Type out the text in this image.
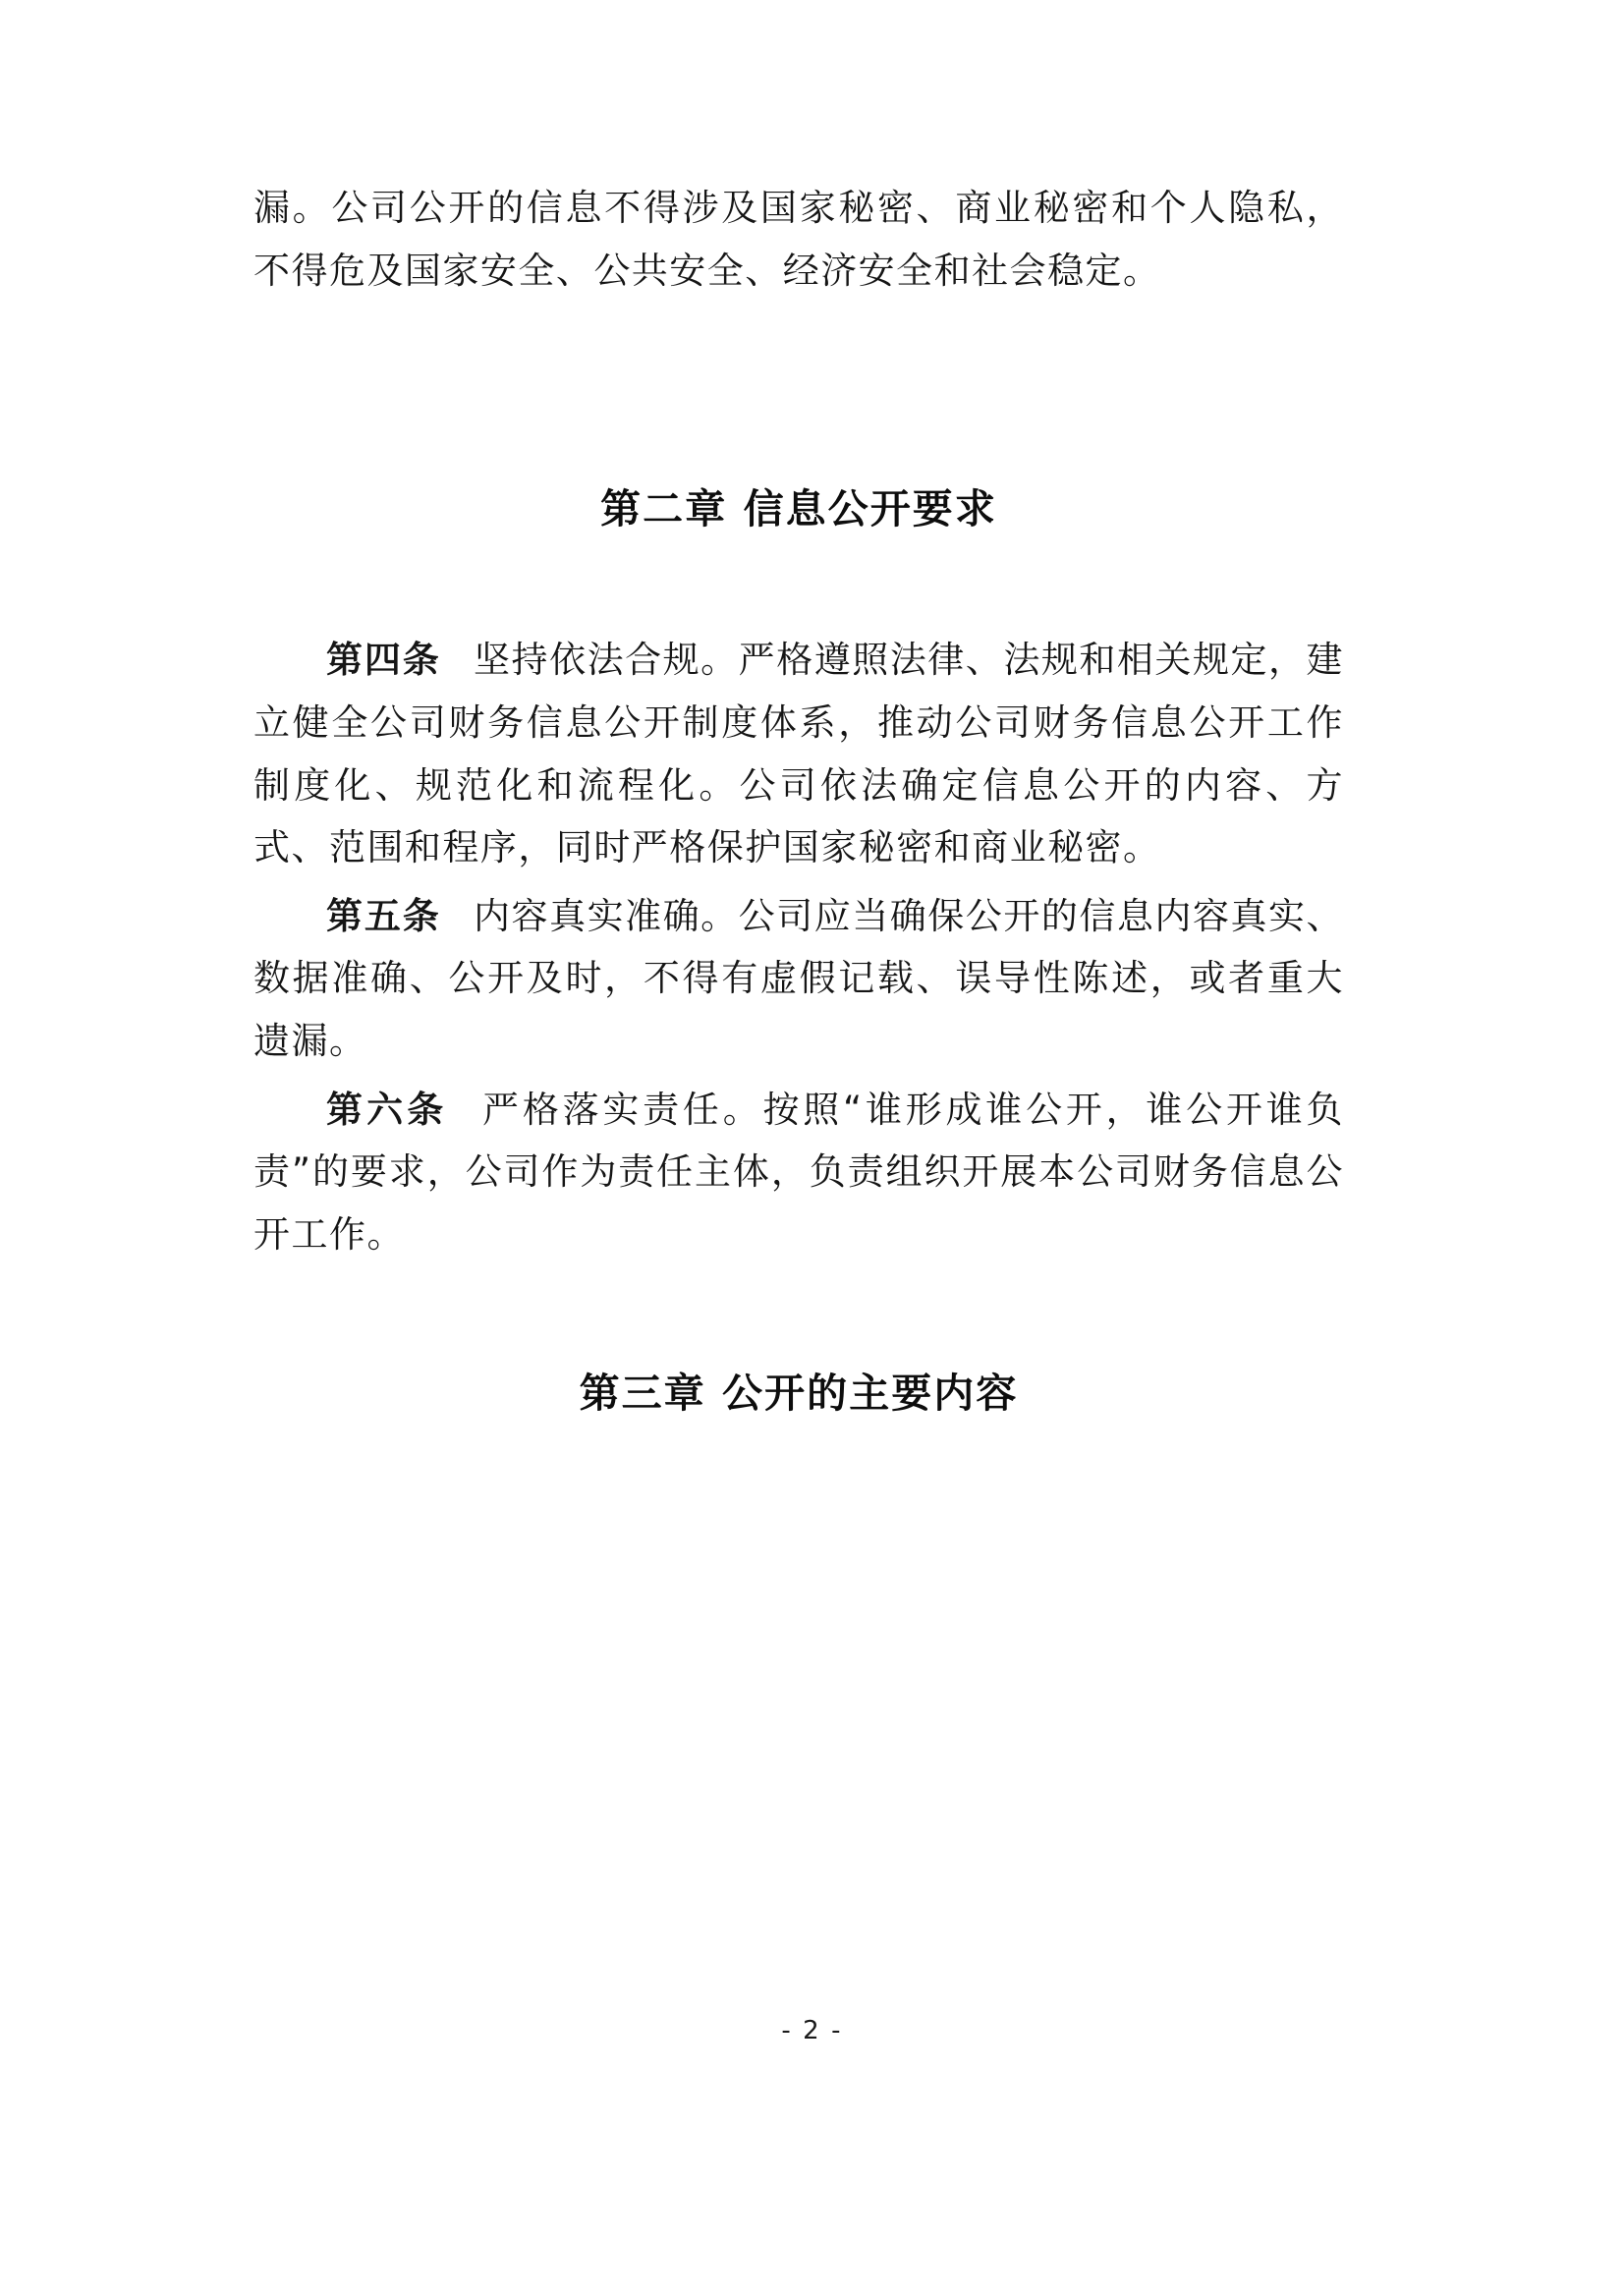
漏。公司公开的信息不得涉及国家秘密、商业秘密和个人隐私，不得危及国家安全、公共安全、经济安全和社会稳定。

第二章 信息公开要求

第四条 坚持依法合规。严格遵照法律、法规和相关规定，建立健全公司财务信息公开制度体系，推动公司财务信息公开工作制度化、规范化和流程化。公司依法确定信息公开的内容、方式、范围和程序，同时严格保护国家秘密和商业秘密。

第五条 内容真实准确。公司应当确保公开的信息内容真实、数据准确、公开及时，不得有虚假记载、误导性陈述，或者重大遗漏。

第六条 严格落实责任。按照“谁形成谁公开，谁公开谁负责”的要求，公司作为责任主体，负责组织开展本公司财务信息公开工作。

第三章 公开的主要内容
- 2 -
